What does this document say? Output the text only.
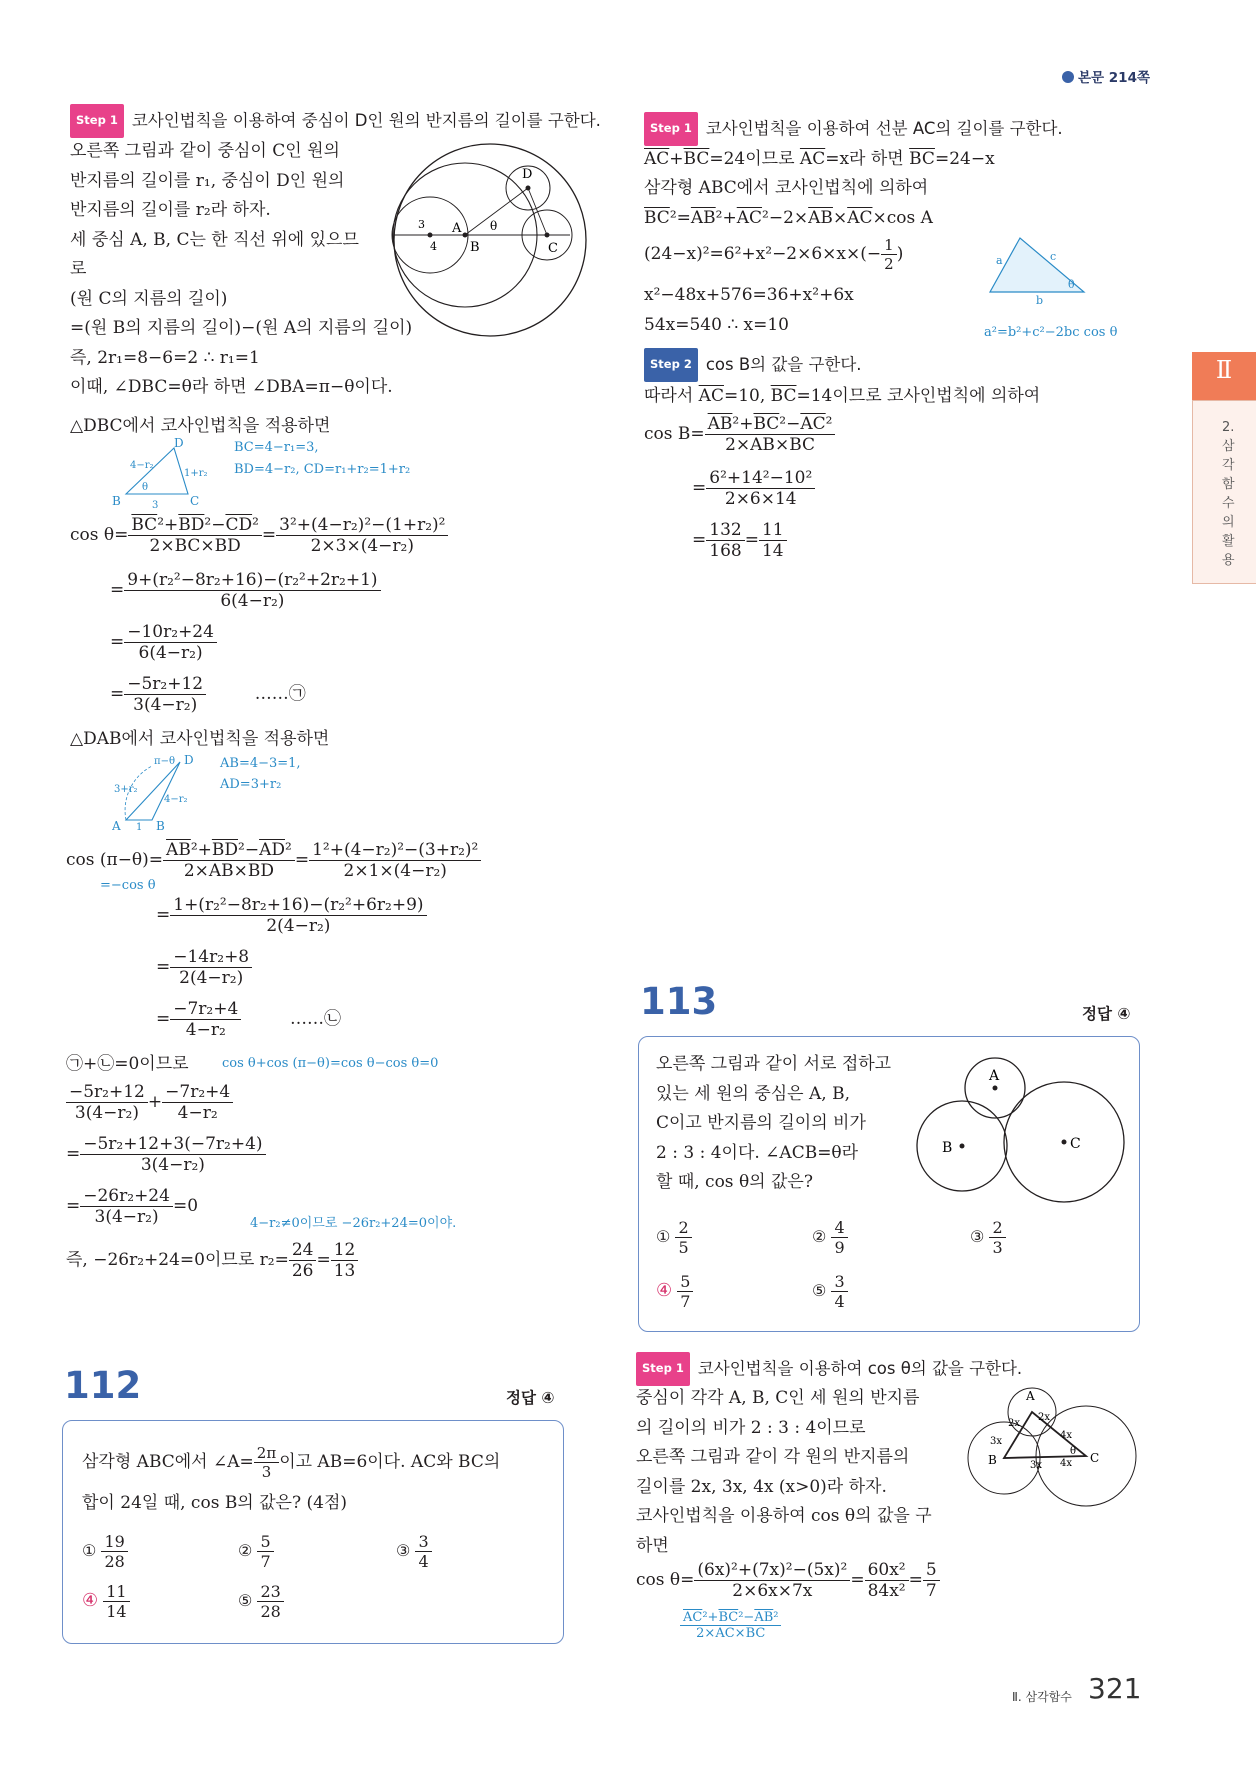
본문 214쪽
Ⅱ
2. 삼각함수의 활용
Step 1 코사인법칙을 이용하여 중심이 D인 원의 반지름의 길이를 구한다.
오른쪽 그림과 같이 중심이 C인 원의
반지름의 길이를 r₁, 중심이 D인 원의
반지름의 길이를 r₂라 하자.
세 중심 A, B, C는 한 직선 위에 있으므
로
(원 C의 지름의 길이)
=(원 B의 지름의 길이)−(원 A의 지름의 길이)
즉, 2r₁=8−6=2 ∴ r₁=1
이때, ∠DBC=θ라 하면 ∠DBA=π−θ이다.
A
B	C
D
θ
3
4
△DBC에서 코사인법칙을 적용하면
D
B	C
4−r₂
1+r₂
3
θ
BC=4−r₁=3,
BD=4−r₂, CD=r₁+r₂=1+r₂
$\cos \theta= \frac{\overline{BC}^2+\overline{BD}^2-\overline{CD}^2}{2\times\overline{BC}\times\overline{BD}} = \frac{\text{3²+(4−r₂)²−(1+r₂)²}}{\text{2×3×(4−r₂)}}$
= $\frac{\text{9+(r₂²−8r₂+16)−(r₂²+2r₂+1)}}{\text{6(4−r₂)}}$
= $\frac{\text{−10r₂+24}}{\text{6(4−r₂)}}$
= $\frac{\text{−5r₂+12}}{\text{3(4−r₂)}}$ ……㉠
△DAB에서 코사인법칙을 적용하면
D
A	B
3+r₂
4−r₂
π−θ
1
AB=4−3=1,
AD=3+r₂
$\cos (\pi-\theta)= \frac{\overline{AB}^2+\overline{BD}^2-\overline{AD}^2}{2\times\overline{AB}\times\overline{BD}} = \frac{\text{1²+(4−r₂)²−(3+r₂)²}}{\text{2×1×(4−r₂)}}$
=−cos θ
= $\frac{\text{1+(r₂²−8r₂+16)−(r₂²+6r₂+9)}}{\text{2(4−r₂)}}$
= $\frac{\text{−14r₂+8}}{\text{2(4−r₂)}}$
= $\frac{\text{−7r₂+4}}{\text{4−r₂}}$ ……㉡
㉠+㉡=0이므로	cos θ+cos (π−θ)=cos θ−cos θ=0
$\frac{\text{−5r₂+12}}{\text{3(4−r₂)}} + \frac{\text{−7r₂+4}}{\text{4−r₂}}$
= $\frac{\text{−5r₂+12+3(−7r₂+4)}}{\text{3(4−r₂)}}$
= $\frac{\text{−26r₂+24}}{\text{3(4−r₂)}} =0$
4−r₂≠0이므로 −26r₂+24=0이야.
즉, −26r₂+24=0이므로 $r_2= \frac{24}{26} = \frac{12}{13}$
112	정답 ④
삼각형 ABC에서 ∠A= $\frac{2\pi}{3}$ 이고 AB=6이다. AC와 BC의
합이 24일 때, cos B의 값은? (4점)
① $\frac{19}{28}$	② $\frac{5}{7}$	③ $\frac{3}{4}$
④ $\frac{11}{14}$	⑤ $\frac{23}{28}$
Step 1 코사인법칙을 이용하여 선분 AC의 길이를 구한다.
$\overline{AC}+\overline{BC}=24$이므로 $\overline{AC}=x$라 하면 $\overline{BC}=24-x$
삼각형 ABC에서 코사인법칙에 의하여
$\overline{BC}^2=\overline{AB}^2+\overline{AC}^2-2\times\overline{AB}\times\overline{AC}\times\cos$ A
$(24-x)^2=6^2+x^2-2\times 6\times x\times(- \frac{1}{2}$ )
x²−48x+576=36+x²+6x
54x=540 ∴ x=10
a	c
b
θ
a²=b²+c²−2bc cos θ
Step 2 cos B의 값을 구한다.
따라서 $\overline{AC}=10$, $\overline{BC}=14$이므로 코사인법칙에 의하여
$\cos B= \frac{\overline{AB}^2+\overline{BC}^2-\overline{AC}^2}{2\times\overline{AB}\times\overline{BC}}$
= $\frac{\text{6²+14²−10²}}{2\times 6\times 14}$
= $\frac{132}{168} = \frac{11}{14}$
113	정답 ④
오른쪽 그림과 같이 서로 접하고
있는 세 원의 중심은 A, B,
C이고 반지름의 길이의 비가
2 : 3 : 4이다. ∠ACB=θ라
할 때, cos θ의 값은?
A
B	C
① $\frac{2}{5}$	② $\frac{4}{9}$	③ $\frac{2}{3}$
④ $\frac{5}{7}$	⑤ $\frac{3}{4}$
Step 1 코사인법칙을 이용하여 cos θ의 값을 구한다.
중심이 각각 A, B, C인 세 원의 반지름
의 길이의 비가 2 : 3 : 4이므로
오른쪽 그림과 같이 각 원의 반지름의
길이를 2x, 3x, 4x (x>0)라 하자.
코사인법칙을 이용하여 cos θ의 값을 구
하면
A
B	C
2x
2x
3x
3x
4x
4x
θ
$\cos \theta= \frac{\text{(6x)²+(7x)²−(5x)²}}{2\times 6x\times 7x} = \frac{\text{60x²}}{\text{84x²}} = \frac{5}{7}$
$\frac{\overline{AC}^2+\overline{BC}^2-\overline{AB}^2}{2\times\overline{AC}\times\overline{BC}}$
Ⅱ. 삼각함수 321
